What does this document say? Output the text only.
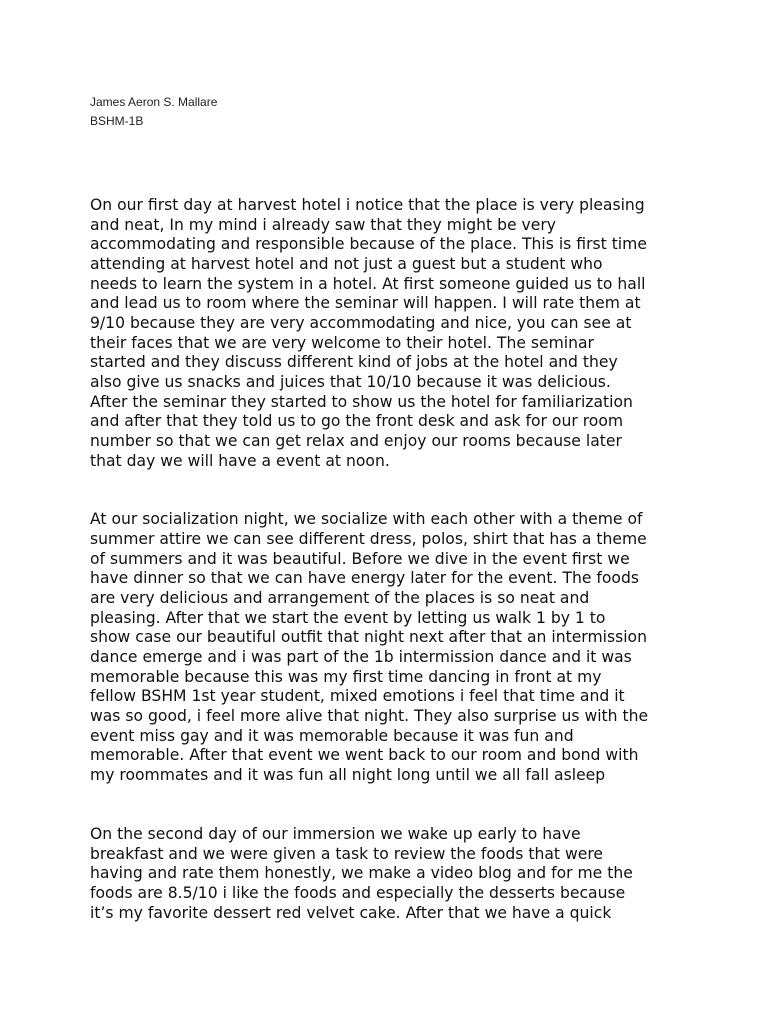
James Aeron S. Mallare
BSHM-1B

On our first day at harvest hotel i notice that the place is very pleasing
and neat, In my mind i already saw that they might be very
accommodating and responsible because of the place. This is first time
attending at harvest hotel and not just a guest but a student who
needs to learn the system in a hotel. At first someone guided us to hall
and lead us to room where the seminar will happen. I will rate them at
9/10 because they are very accommodating and nice, you can see at
their faces that we are very welcome to their hotel. The seminar
started and they discuss different kind of jobs at the hotel and they
also give us snacks and juices that 10/10 because it was delicious.
After the seminar they started to show us the hotel for familiarization
and after that they told us to go the front desk and ask for our room
number so that we can get relax and enjoy our rooms because later
that day we will have a event at noon.

At our socialization night, we socialize with each other with a theme of
summer attire we can see different dress, polos, shirt that has a theme
of summers and it was beautiful. Before we dive in the event first we
have dinner so that we can have energy later for the event. The foods
are very delicious and arrangement of the places is so neat and
pleasing. After that we start the event by letting us walk 1 by 1 to
show case our beautiful outfit that night next after that an intermission
dance emerge and i was part of the 1b intermission dance and it was
memorable because this was my first time dancing in front at my
fellow BSHM 1st year student, mixed emotions i feel that time and it
was so good, i feel more alive that night. They also surprise us with the
event miss gay and it was memorable because it was fun and
memorable. After that event we went back to our room and bond with
my roommates and it was fun all night long until we all fall asleep

On the second day of our immersion we wake up early to have
breakfast and we were given a task to review the foods that were
having and rate them honestly, we make a video blog and for me the
foods are 8.5/10 i like the foods and especially the desserts because
it’s my favorite dessert red velvet cake. After that we have a quick
